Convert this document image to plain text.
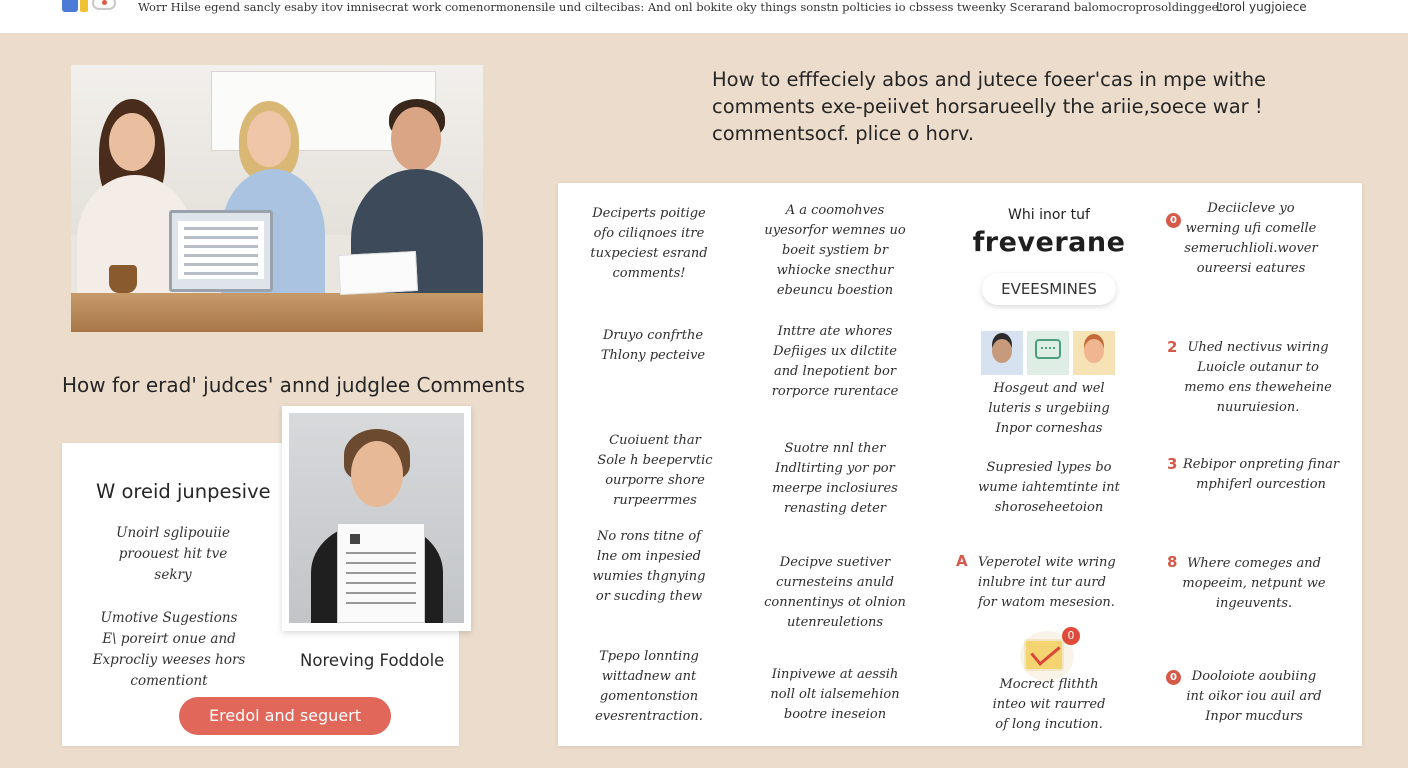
Worr Hilse egend sancly esaby itov imnisecrat work comenormonensile und ciltecibas: And onl bokite oky things sonstn polticies io cbssess tweenky Scerarand balomocroprosoldinggee!
Lorol yugjoiece
How to efffeciely abos and jutece foeer'cas in mpe withe
comments exe-peiivet horsarueelly the ariie,soece war !
commentsocf. plice o horv.
How for erad' judces' annd judglee Comments
W oreid junpesive
Unoirl sglipouiie
proouest hit tve
sekry
Umotive Sugestions
E\ poreirt onue and
Exprocliy weeses hors
comentiont
Noreving Foddole
Eredol and seguert
Deciperts poitige
ofo ciliqnoes itre
tuxpeciest esrand
comments!
Druyo confrthe
Thlony pecteive
Cuoiuent thar
Sole h beepervtic
ourporre shore
rurpeerrmes
No rons titne of
lne om inpesied
wumies thgnying
or sucding thew
Tpepo lonnting
wittadnew ant
gomentonstion
evesrentraction.
A a coomohves
uyesorfor wemnes uo
boeit systiem br
whiocke snecthur
ebeuncu boestion
Inttre ate whores
Defiiges ux dilctite
and lnepotient bor
rorporce rurentace
Suotre nnl ther
Indltirting yor por
meerpe inclosiures
renasting deter
Decipve suetiver
curnesteins anuld
connentinys ot olnion
utenreuletions
Iinpivewe at aessih
noll olt ialsemehion
bootre ineseion
Whi inor tuf
freverane
EVEESMINES
Hosgeut and wel
luteris s urgebiing
Inpor corneshas
Supresied lypes bo
wume iahtemtinte int
shoroseheetoion
A Veperotel wite wring
inlubre int tur aurd
for watom mesesion.
0
Mocrect flithth
inteo wit raurred
of long incution.
0
Deciicleve yo
werning ufi comelle
semeruchlioli.wover
oureersi eatures
2 Uhed nectivus wiring
Luoicle outanur to
memo ens theweheine
nuuruiesion.
3 Rebipor onpreting finar
mphiferl ourcestion
8 Where comeges and
mopeeim, netpunt we
ingeuvents.
0	Dooloiote aoubiing
int oikor iou auil ard
Inpor mucdurs
